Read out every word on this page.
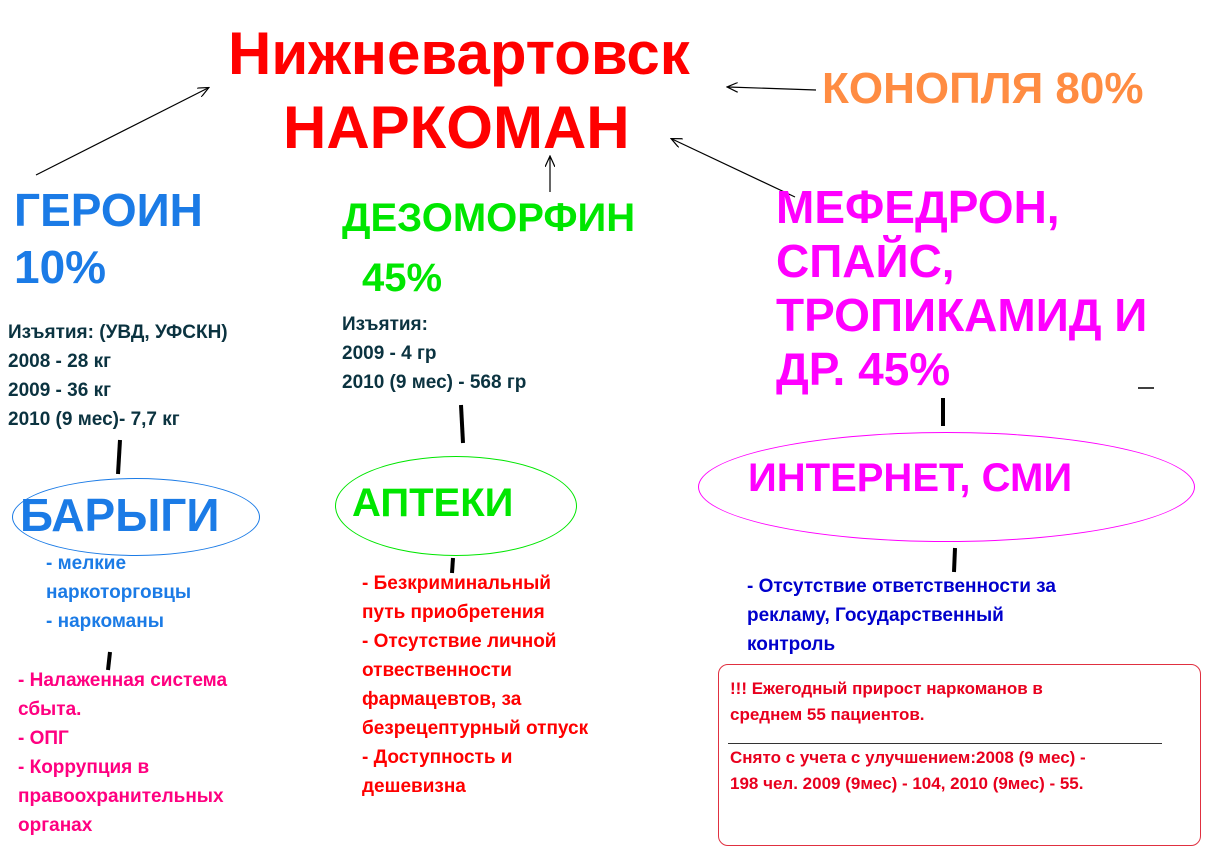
Нижневартовск
НАРКОМАН
КОНОПЛЯ 80%
ГЕРОИН
10%
Изъятия: (УВД, УФСКН)
2008 - 28 кг
2009 - 36 кг
2010 (9 мес)- 7,7 кг
БАРЫГИ
- мелкие
наркоторговцы
- наркоманы
- Налаженная система
сбыта.
- ОПГ
- Коррупция в
правоохранительных
органах
ДЕЗОМОРФИН
45%
Изъятия:
2009 - 4 гр
2010 (9 мес) - 568 гр
АПТЕКИ
- Безкриминальный
путь приобретения
- Отсутствие личной
отвественности
фармацевтов, за
безрецептурный отпуск
- Доступность и
дешевизна
МЕФЕДРОН,
СПАЙС,
ТРОПИКАМИД И
ДР. 45%
ИНТЕРНЕТ, СМИ
- Отсутствие ответственности за
рекламу, Государственный
контроль
!!! Ежегодный прирост наркоманов в
среднем 55 пациентов.
Снято с учета с улучшением:2008 (9 мес) -
198 чел. 2009 (9мес) - 104, 2010 (9мес) - 55.
